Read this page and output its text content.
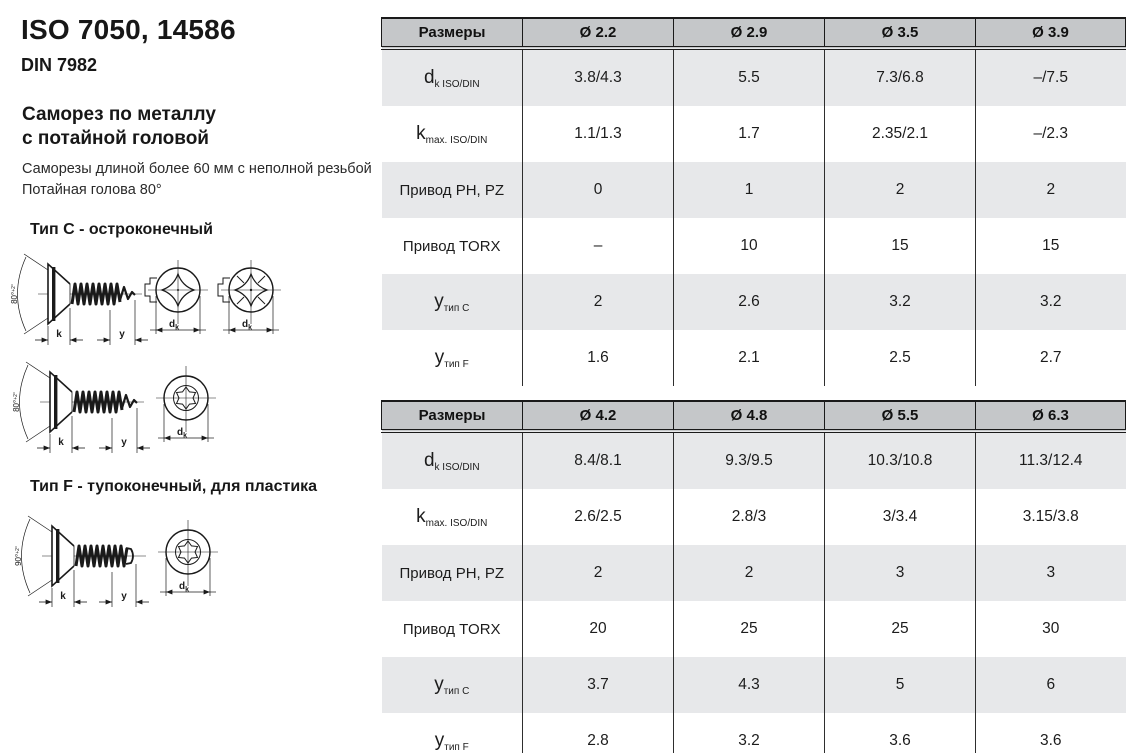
ISO 7050, 14586
DIN 7982
Саморез по металлу
с потайной головой
Саморезы длиной более 60 мм с неполной резьбой
Потайная голова 80°
Тип C - остроконечный
80°$^{+2^\circ}$
k	y
$d_k$	$d_k$
80°$^{+2^\circ}$
k	y
$d_k$
Тип F - тупоконечный, для пластика
90°$^{+2^\circ}$
k	y
$d_k$
Размеры	Ø 2.2	Ø 2.9	Ø 3.5	Ø 3.9
$d_{k ISO/DIN}$	3.8/4.3	5.5	7.3/6.8	–/7.5
$k_{max. ISO/DIN}$	1.1/1.3	1.7	2.35/2.1	–/2.3
Привод PH, PZ	0	1	2	2
Привод TORX	–	10	15	15
$y_{тип C}$	2	2.6	3.2	3.2
$y_{тип F}$	1.6	2.1	2.5	2.7
Размеры	Ø 4.2	Ø 4.8	Ø 5.5	Ø 6.3
$d_{k ISO/DIN}$	8.4/8.1	9.3/9.5	10.3/10.8	11.3/12.4
$k_{max. ISO/DIN}$	2.6/2.5	2.8/3	3/3.4	3.15/3.8
Привод PH, PZ	2	2	3	3
Привод TORX	20	25	25	30
$y_{тип C}$	3.7	4.3	5	6
$y_{тип F}$	2.8	3.2	3.6	3.6
